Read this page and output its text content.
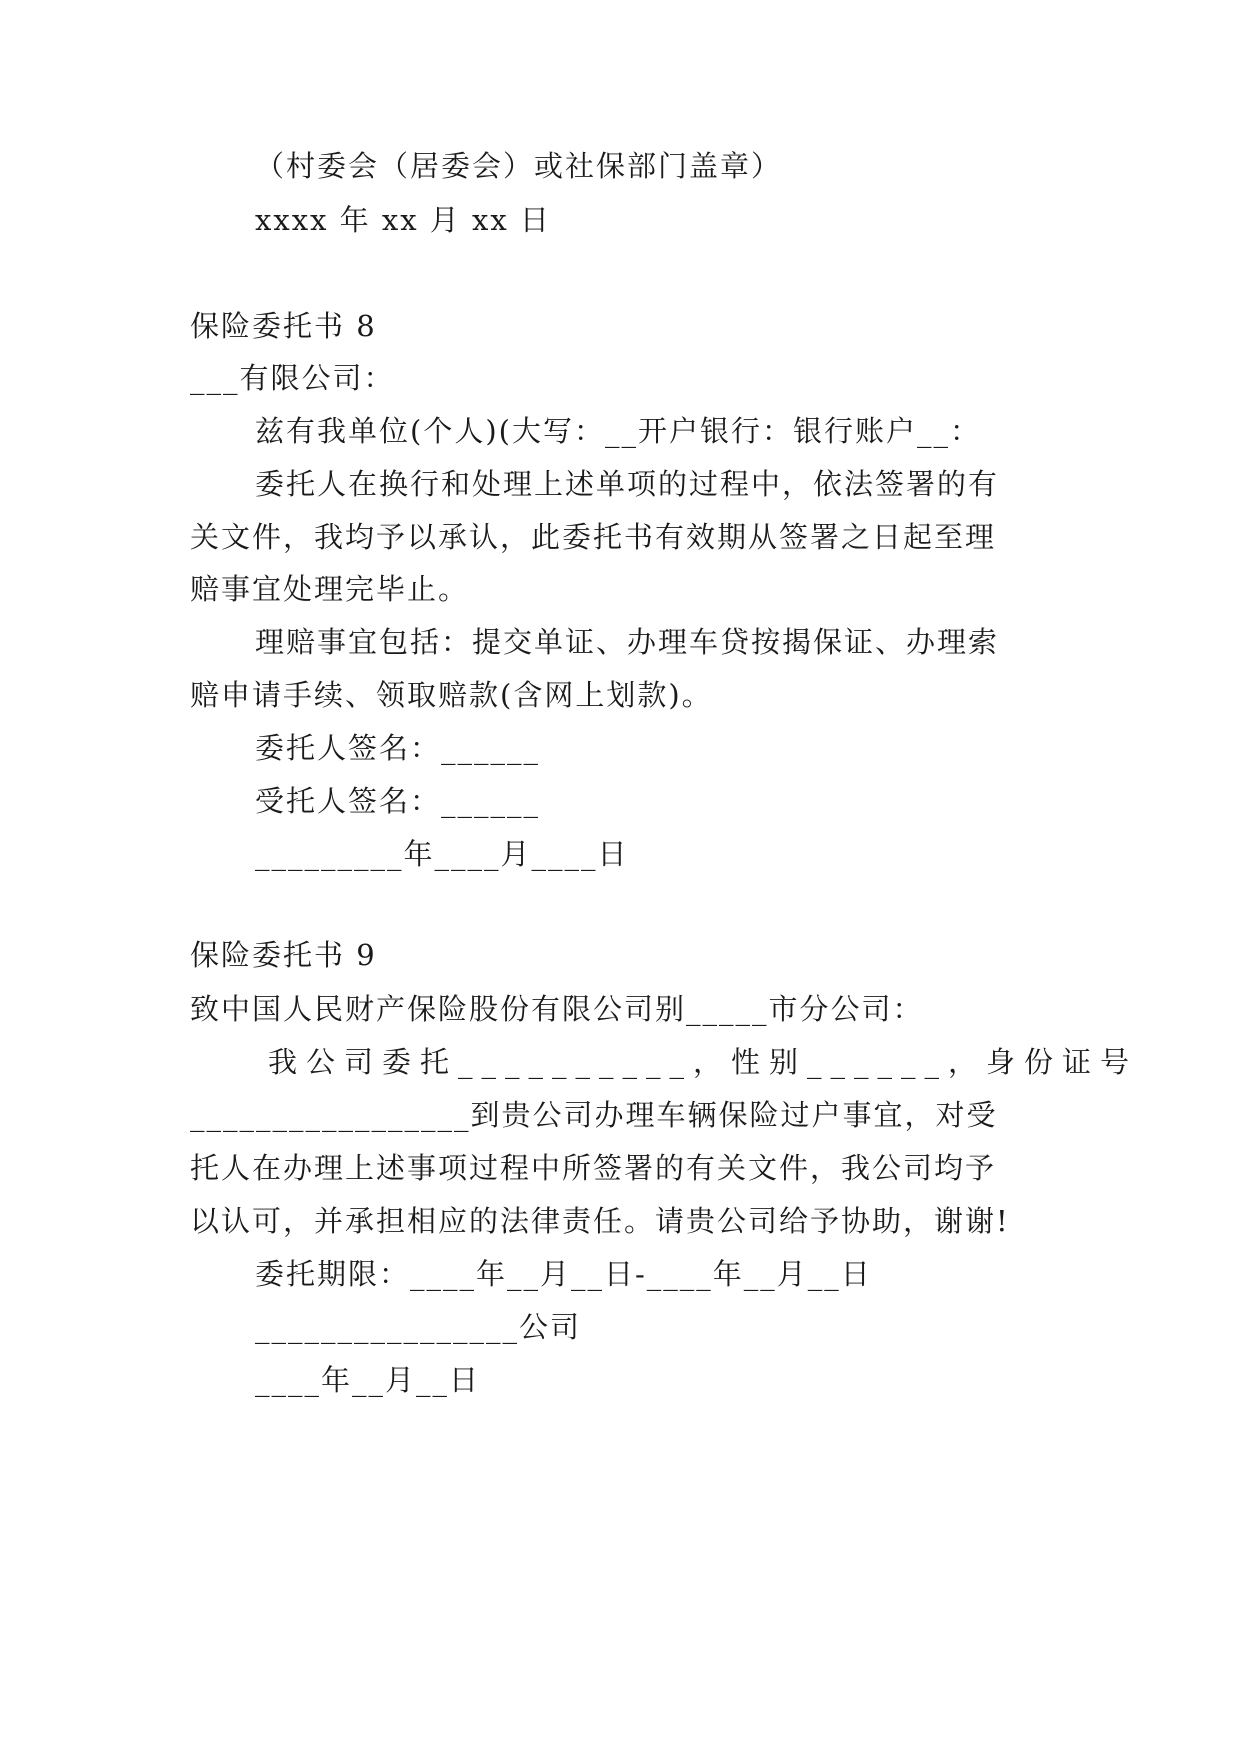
（村委会（居委会）或社保部门盖章）
xxxx 年 xx 月 xx 日
保险委托书 8
___有限公司：
兹有我单位(个人)(大写：__开户银行：银行账户__：
委托人在换行和处理上述单项的过程中，依法签署的有
关文件，我均予以承认，此委托书有效期从签署之日起至理
赔事宜处理完毕止。
理赔事宜包括：提交单证、办理车贷按揭保证、办理索
赔申请手续、领取赔款(含网上划款)。
委托人签名：______
受托人签名：______
_________年____月____日
保险委托书 9
致中国人民财产保险股份有限公司别_____市分公司：
我公司委托__________，性别______，身份证号
_________________到贵公司办理车辆保险过户事宜，对受
托人在办理上述事项过程中所签署的有关文件，我公司均予
以认可，并承担相应的法律责任。请贵公司给予协助，谢谢!
委托期限：____年__月__日-____年__月__日
________________公司
____年__月__日
